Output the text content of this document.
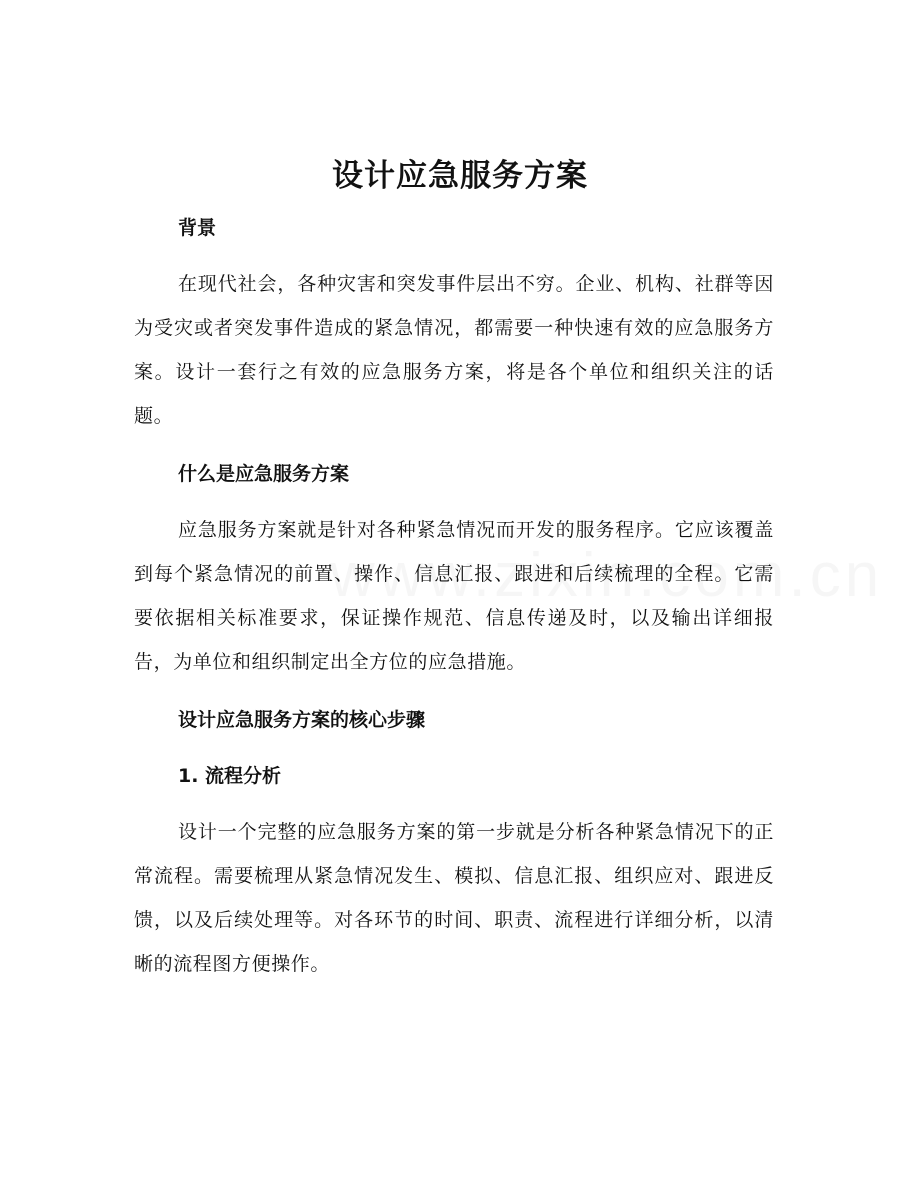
设计应急服务方案
背景

在现代社会，各种灾害和突发事件层出不穷。企业、机构、社群等因为受灾或者突发事件造成的紧急情况，都需要一种快速有效的应急服务方案。设计一套行之有效的应急服务方案，将是各个单位和组织关注的话题。

什么是应急服务方案

应急服务方案就是针对各种紧急情况而开发的服务程序。它应该覆盖到每个紧急情况的前置、操作、信息汇报、跟进和后续梳理的全程。它需要依据相关标准要求，保证操作规范、信息传递及时，以及输出详细报告，为单位和组织制定出全方位的应急措施。

设计应急服务方案的核心步骤
1. 流程分析

设计一个完整的应急服务方案的第一步就是分析各种紧急情况下的正常流程。需要梳理从紧急情况发生、模拟、信息汇报、组织应对、跟进反馈，以及后续处理等。对各环节的时间、职责、流程进行详细分析，以清晰的流程图方便操作。
